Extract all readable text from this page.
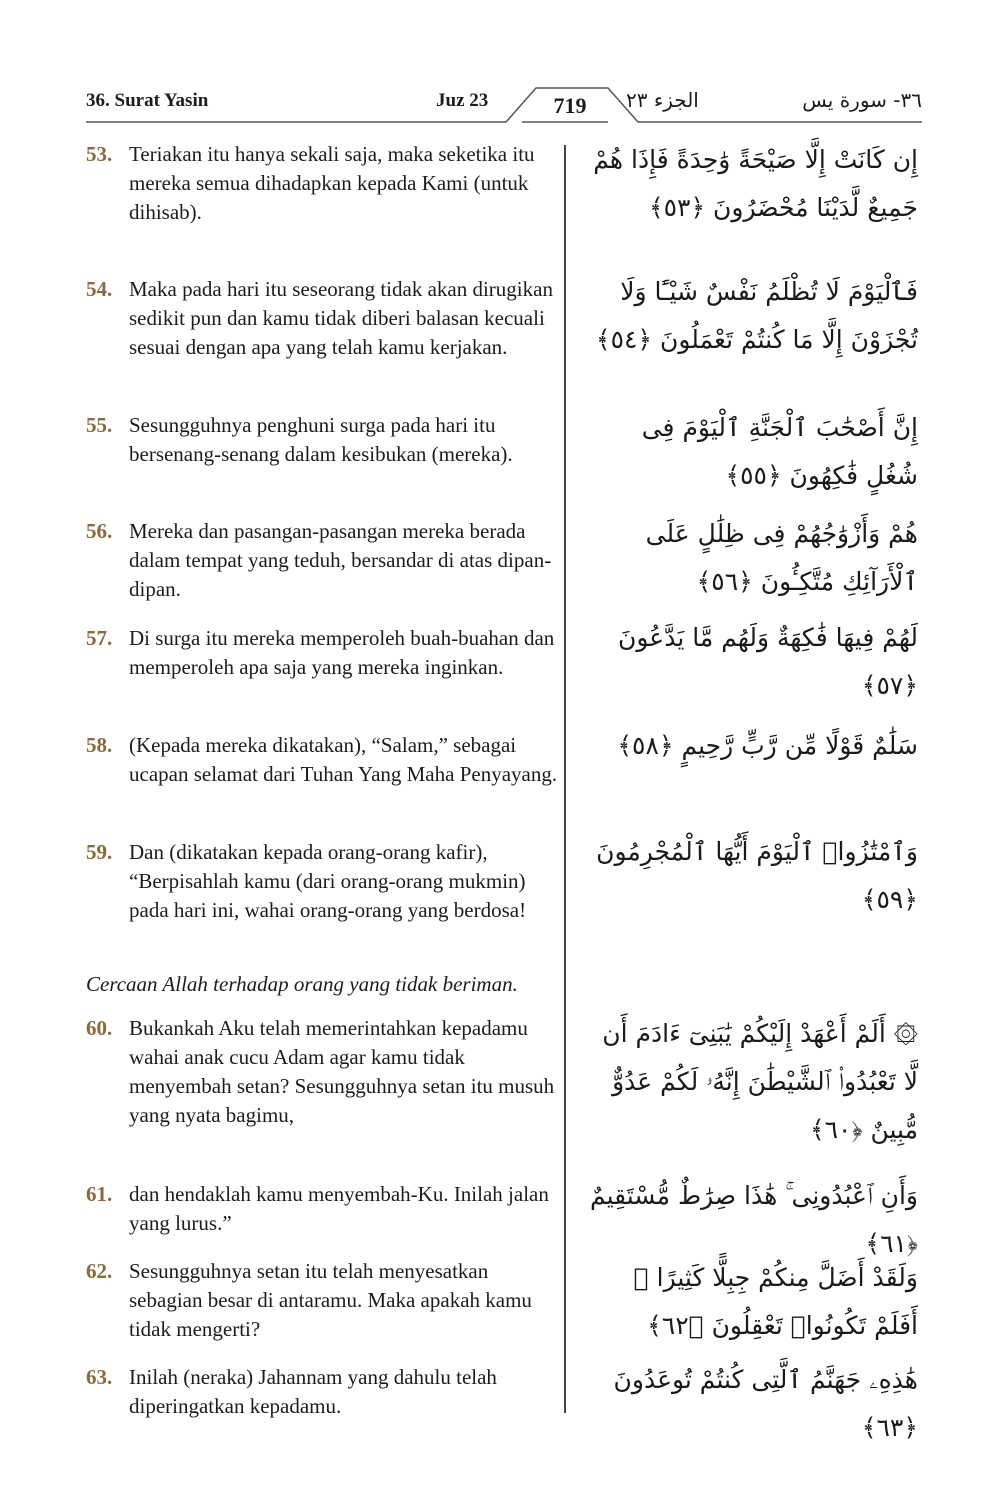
36. Surat Yasin	Juz 23	719	الجزء ٢٣	٣٦- سورة يس
53. Teriakan itu hanya sekali saja, maka seketika itu mereka semua dihadapkan kepada Kami (untuk dihisab).
إِن كَانَتْ إِلَّا صَيْحَةً وَٰحِدَةً فَإِذَا هُمْ جَمِيعٌ لَّدَيْنَا مُحْضَرُونَ ﴿٥٣﴾
54. Maka pada hari itu seseorang tidak akan dirugikan sedikit pun dan kamu tidak diberi balasan kecuali sesuai dengan apa yang telah kamu kerjakan.
فَٱلْيَوْمَ لَا تُظْلَمُ نَفْسٌ شَيْـًٔا وَلَا تُجْزَوْنَ إِلَّا مَا كُنتُمْ تَعْمَلُونَ ﴿٥٤﴾
55. Sesungguhnya penghuni surga pada hari itu bersenang-senang dalam kesibukan (mereka).
إِنَّ أَصْحَٰبَ ٱلْجَنَّةِ ٱلْيَوْمَ فِى شُغُلٍ فَٰكِهُونَ ﴿٥٥﴾
56. Mereka dan pasangan-pasangan mereka berada dalam tempat yang teduh, bersandar di atas dipan-dipan.
هُمْ وَأَزْوَٰجُهُمْ فِى ظِلَٰلٍ عَلَى ٱلْأَرَآئِكِ مُتَّكِـُٔونَ ﴿٥٦﴾
57. Di surga itu mereka memperoleh buah-buahan dan memperoleh apa saja yang mereka inginkan.
لَهُمْ فِيهَا فَٰكِهَةٌ وَلَهُم مَّا يَدَّعُونَ ﴿٥٧﴾
58. (Kepada mereka dikatakan), “Salam,” sebagai ucapan selamat dari Tuhan Yang Maha Penyayang.
سَلَٰمٌ قَوْلًا مِّن رَّبٍّ رَّحِيمٍ ﴿٥٨﴾
59. Dan (dikatakan kepada orang-orang kafir), “Berpisahlah kamu (dari orang-orang mukmin) pada hari ini, wahai orang-orang yang berdosa!
وَٱمْتَٰزُوا۟ ٱلْيَوْمَ أَيُّهَا ٱلْمُجْرِمُونَ ﴿٥٩﴾
Cercaan Allah terhadap orang yang tidak beriman.
60. Bukankah Aku telah memerintahkan kepadamu wahai anak cucu Adam agar kamu tidak menyembah setan? Sesungguhnya setan itu musuh yang nyata bagimu,
۞ أَلَمْ أَعْهَدْ إِلَيْكُمْ يَٰبَنِىٓ ءَادَمَ أَن لَّا تَعْبُدُوا۟ ٱلشَّيْطَٰنَ إِنَّهُۥ لَكُمْ عَدُوٌّ مُّبِينٌ ﴿٦٠﴾
61. dan hendaklah kamu menyembah-Ku. Inilah jalan yang lurus.”
وَأَنِ ٱعْبُدُونِى ۚ هَٰذَا صِرَٰطٌ مُّسْتَقِيمٌ ﴿٦١﴾
62. Sesungguhnya setan itu telah menyesatkan sebagian besar di antaramu. Maka apakah kamu tidak mengerti?
وَلَقَدْ أَضَلَّ مِنكُمْ جِبِلًّا كَثِيرًا ۖ أَفَلَمْ تَكُونُوا۟ تَعْقِلُونَ ﴿٦٢﴾
63. Inilah (neraka) Jahannam yang dahulu telah diperingatkan kepadamu.
هَٰذِهِۦ جَهَنَّمُ ٱلَّتِى كُنتُمْ تُوعَدُونَ ﴿٦٣﴾
